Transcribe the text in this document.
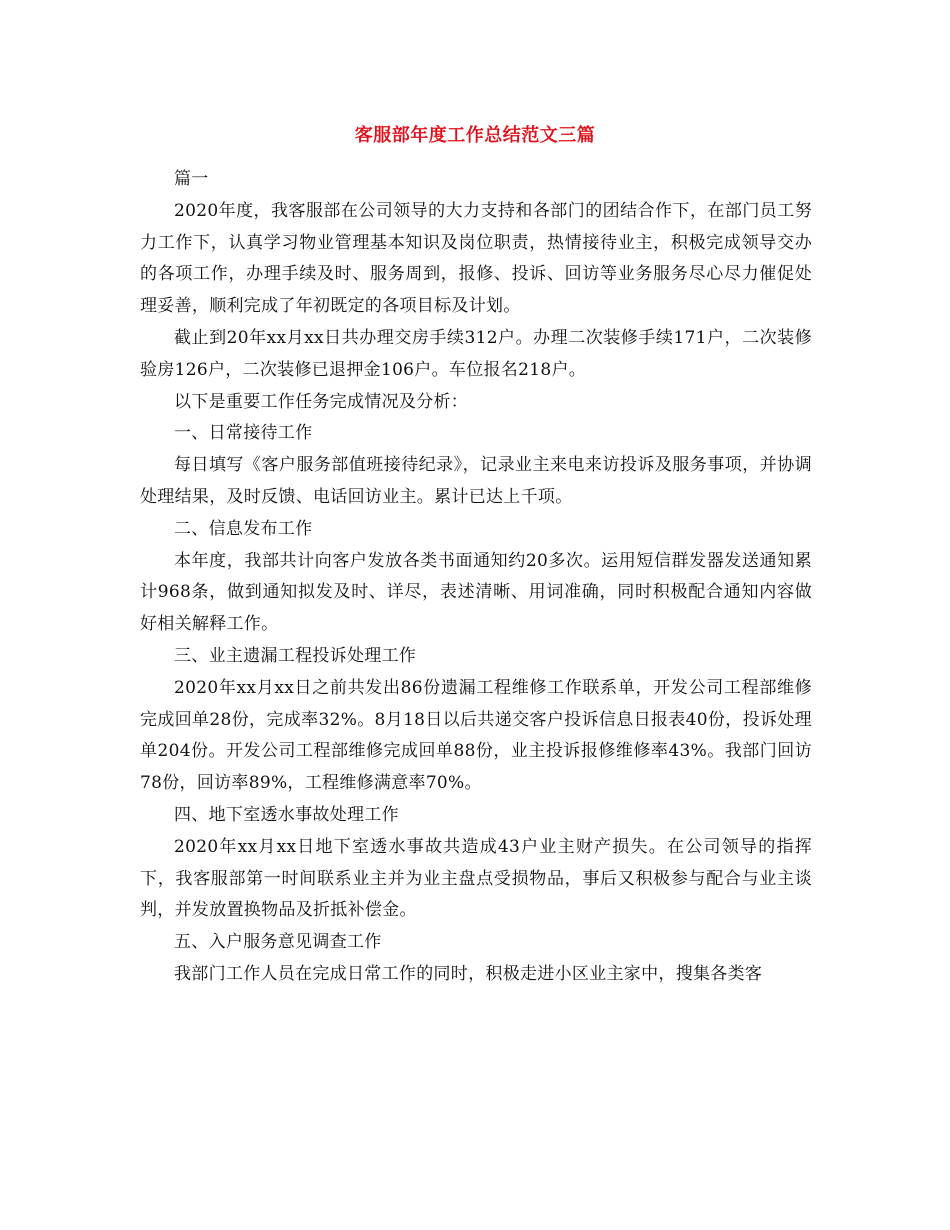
客服部年度工作总结范文三篇

篇一

2020年度，我客服部在公司领导的大力支持和各部门的团结合作下，在部门员工努力工作下，认真学习物业管理基本知识及岗位职责，热情接待业主，积极完成领导交办的各项工作，办理手续及时、服务周到，报修、投诉、回访等业务服务尽心尽力催促处理妥善，顺利完成了年初既定的各项目标及计划。

截止到20年xx月xx日共办理交房手续312户。办理二次装修手续171户，二次装修验房126户，二次装修已退押金106户。车位报名218户。

以下是重要工作任务完成情况及分析：

一、日常接待工作

每日填写《客户服务部值班接待纪录》，记录业主来电来访投诉及服务事项，并协调处理结果，及时反馈、电话回访业主。累计已达上千项。

二、信息发布工作

本年度，我部共计向客户发放各类书面通知约20多次。运用短信群发器发送通知累计968条，做到通知拟发及时、详尽，表述清晰、用词准确，同时积极配合通知内容做好相关解释工作。

三、业主遗漏工程投诉处理工作

2020年xx月xx日之前共发出86份遗漏工程维修工作联系单，开发公司工程部维修完成回单28份，完成率32%。8月18日以后共递交客户投诉信息日报表40份，投诉处理单204份。开发公司工程部维修完成回单88份，业主投诉报修维修率43%。我部门回访78份，回访率89%，工程维修满意率70%。

四、地下室透水事故处理工作

2020年xx月xx日地下室透水事故共造成43户业主财产损失。在公司领导的指挥下，我客服部第一时间联系业主并为业主盘点受损物品，事后又积极参与配合与业主谈判，并发放置换物品及折抵补偿金。

五、入户服务意见调查工作

我部门工作人员在完成日常工作的同时，积极走进小区业主家中，搜集各类客
